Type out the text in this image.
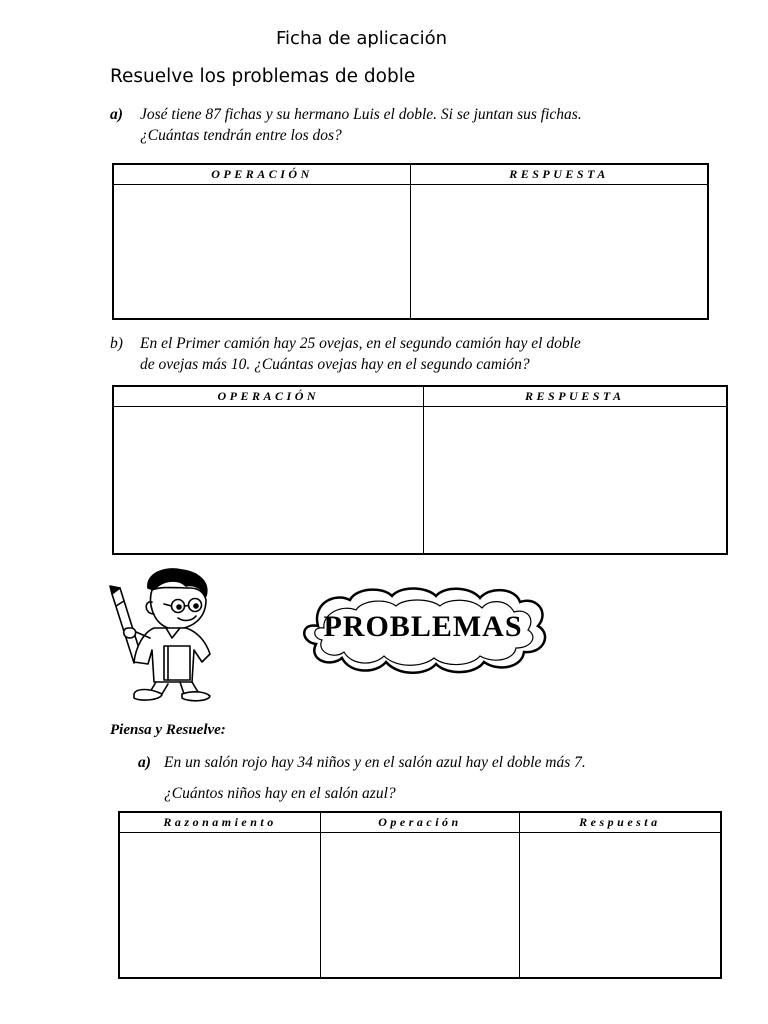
Ficha de aplicación
Resuelve los problemas de doble
a) José tiene 87 fichas y su hermano Luis el doble. Si se juntan sus fichas.
¿Cuántas tendrán entre los dos?
OPERACIÓN	RESPUESTA

b) En el Primer camión hay 25 ovejas, en el segundo camión hay el doble
de ovejas más 10. ¿Cuántas ovejas hay en el segundo camión?
OPERACIÓN	RESPUESTA

PROBLEMAS
Piensa y Resuelve:
a) En un salón rojo hay 34 niños y en el salón azul hay el doble más 7.
¿Cuántos niños hay en el salón azul?
Razonamiento	Operación	Respuesta
